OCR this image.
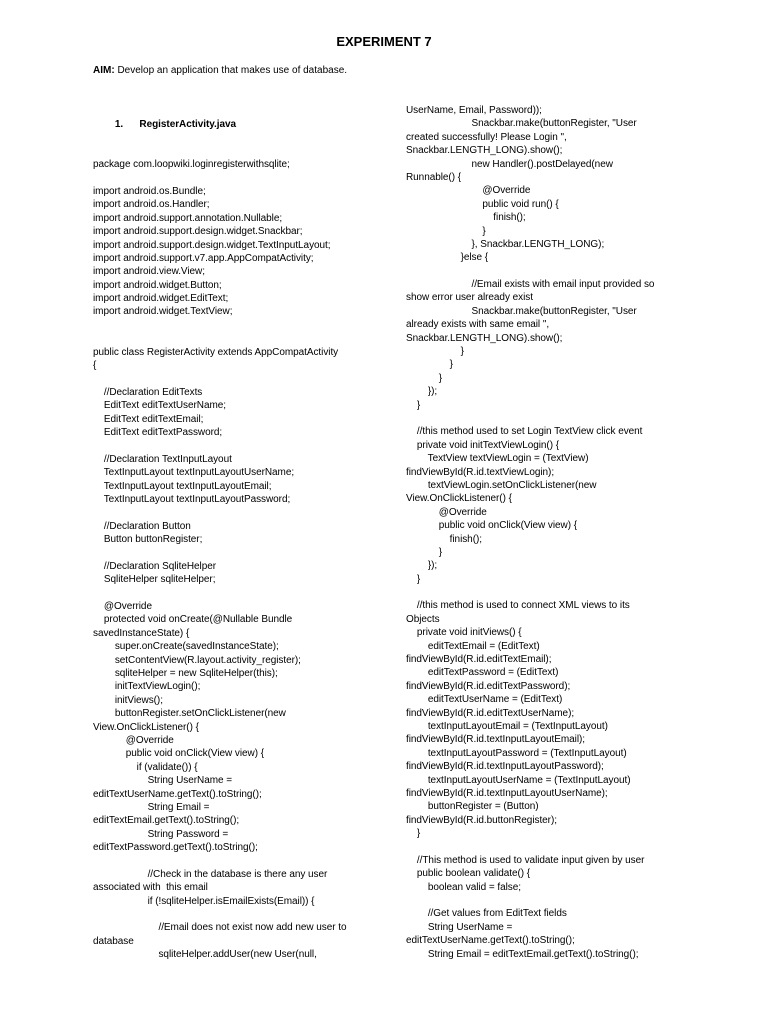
EXPERIMENT 7
AIM: Develop an application that makes use of database.
1.      RegisterActivity.java
package com.loopwiki.loginregisterwithsqlite;
import android.os.Bundle;
import android.os.Handler;
import android.support.annotation.Nullable;
import android.support.design.widget.Snackbar;
import android.support.design.widget.TextInputLayout;
import android.support.v7.app.AppCompatActivity;
import android.view.View;
import android.widget.Button;
import android.widget.EditText;
import android.widget.TextView;
public class RegisterActivity extends AppCompatActivity
{
//Declaration EditTexts
EditText editTextUserName;
EditText editTextEmail;
EditText editTextPassword;
//Declaration TextInputLayout
TextInputLayout textInputLayoutUserName;
TextInputLayout textInputLayoutEmail;
TextInputLayout textInputLayoutPassword;
//Declaration Button
Button buttonRegister;
//Declaration SqliteHelper
SqliteHelper sqliteHelper;
@Override
protected void onCreate(@Nullable Bundle
savedInstanceState) {
super.onCreate(savedInstanceState);
setContentView(R.layout.activity_register);
sqliteHelper = new SqliteHelper(this);
initTextViewLogin();
initViews();
buttonRegister.setOnClickListener(new
View.OnClickListener() {
@Override
public void onClick(View view) {
if (validate()) {
String UserName =
editTextUserName.getText().toString();
String Email =
editTextEmail.getText().toString();
String Password =
editTextPassword.getText().toString();
//Check in the database is there any user
associated with  this email
if (!sqliteHelper.isEmailExists(Email)) {
//Email does not exist now add new user to
database
sqliteHelper.addUser(new User(null,
UserName, Email, Password));
Snackbar.make(buttonRegister, "User
created successfully! Please Login ",
Snackbar.LENGTH_LONG).show();
new Handler().postDelayed(new
Runnable() {
@Override
public void run() {
finish();
}
}, Snackbar.LENGTH_LONG);
}else {
//Email exists with email input provided so
show error user already exist
Snackbar.make(buttonRegister, "User
already exists with same email ",
Snackbar.LENGTH_LONG).show();
}
}
}
});
}
//this method used to set Login TextView click event
private void initTextViewLogin() {
TextView textViewLogin = (TextView)
findViewById(R.id.textViewLogin);
textViewLogin.setOnClickListener(new
View.OnClickListener() {
@Override
public void onClick(View view) {
finish();
}
});
}
//this method is used to connect XML views to its
Objects
private void initViews() {
editTextEmail = (EditText)
findViewById(R.id.editTextEmail);
editTextPassword = (EditText)
findViewById(R.id.editTextPassword);
editTextUserName = (EditText)
findViewById(R.id.editTextUserName);
textInputLayoutEmail = (TextInputLayout)
findViewById(R.id.textInputLayoutEmail);
textInputLayoutPassword = (TextInputLayout)
findViewById(R.id.textInputLayoutPassword);
textInputLayoutUserName = (TextInputLayout)
findViewById(R.id.textInputLayoutUserName);
buttonRegister = (Button)
findViewById(R.id.buttonRegister);
}
//This method is used to validate input given by user
public boolean validate() {
boolean valid = false;
//Get values from EditText fields
String UserName =
editTextUserName.getText().toString();
String Email = editTextEmail.getText().toString();
